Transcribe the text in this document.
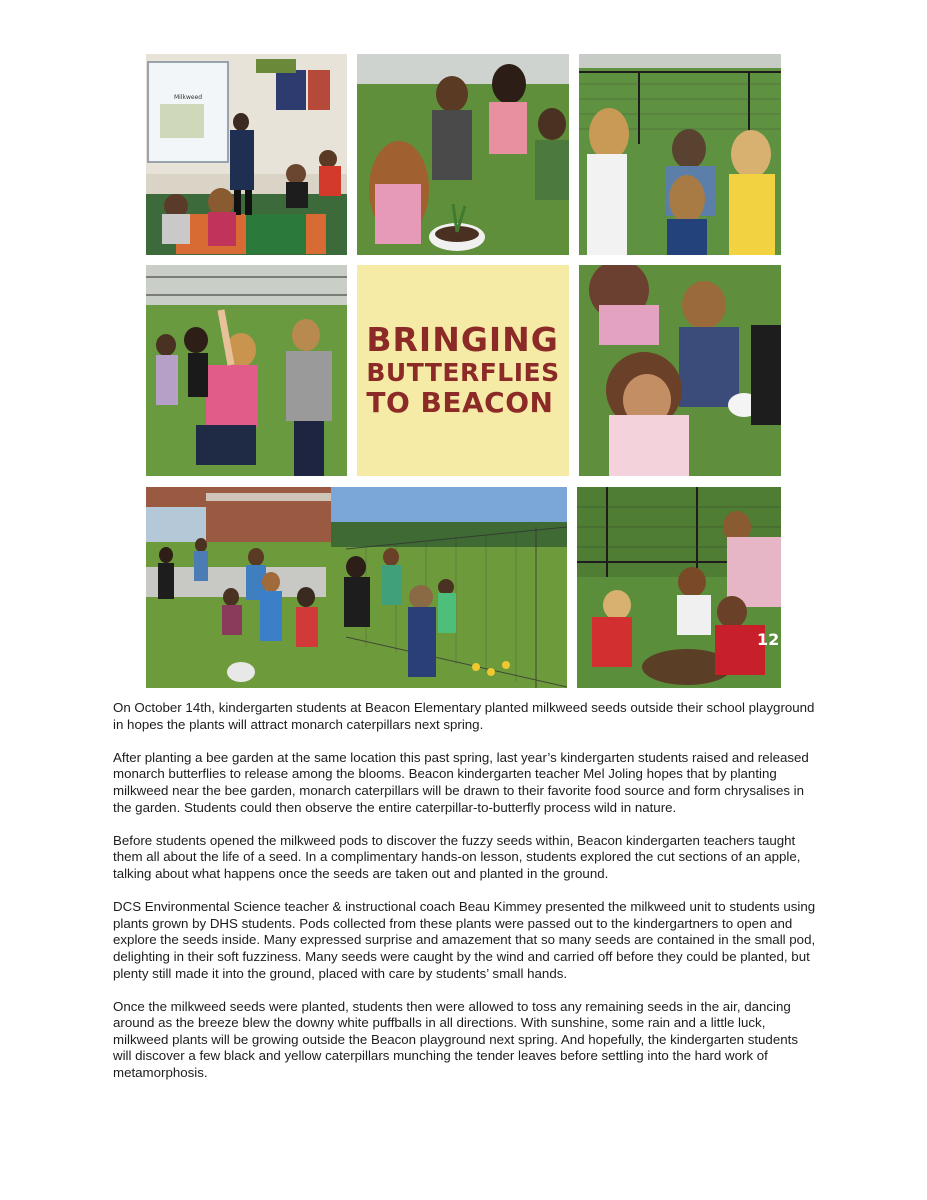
Milkweed
BRINGING
BUTTERFLIES
TO BEACON
12

On October 14th, kindergarten students at Beacon Elementary planted milkweed seeds outside their school playground in hopes the plants will attract monarch caterpillars next spring.

After planting a bee garden at the same location this past spring, last year’s kindergarten students raised and released monarch butterflies to release among the blooms. Beacon kindergarten teacher Mel Joling hopes that by planting milkweed near the bee garden, monarch caterpillars will be drawn to their favorite food source and form chrysalises in the garden. Students could then observe the entire caterpillar-to-butterfly process wild in nature.

Before students opened the milkweed pods to discover the fuzzy seeds within, Beacon kindergarten teachers taught them all about the life of a seed. In a complimentary hands-on lesson, students explored the cut sections of an apple, talking about what happens once the seeds are taken out and planted in the ground.

DCS Environmental Science teacher & instructional coach Beau Kimmey presented the milkweed unit to students using plants grown by DHS students. Pods collected from these plants were passed out to the kindergartners to open and explore the seeds inside. Many expressed surprise and amazement that so many seeds are contained in the small pod, delighting in their soft fuzziness. Many seeds were caught by the wind and carried off before they could be planted, but plenty still made it into the ground, placed with care by students’ small hands.

Once the milkweed seeds were planted, students then were allowed to toss any remaining seeds in the air, dancing around as the breeze blew the downy white puffballs in all directions. With sunshine, some rain and a little luck, milkweed plants will be growing outside the Beacon playground next spring. And hopefully, the kindergarten students will discover a few black and yellow caterpillars munching the tender leaves before settling into the hard work of metamorphosis.
